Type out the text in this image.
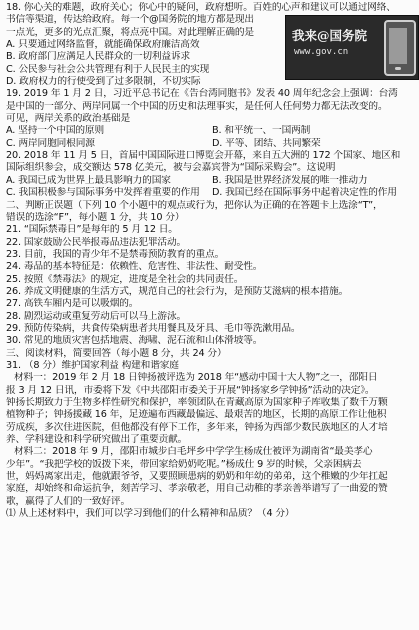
18. 你心关的难题，政府关心；你心中的疑问，政府想听。百姓的心声和建议可以通过网络、
书信等渠道，传达给政府。每一个@国务院的地方都是现出
一点光，更多的光点汇聚，将点亮中国。对此理解正确的是
A. 只要通过网络监督，就能确保政府廉洁高效
B. 政府部门应满足人民群众的一切利益诉求
C. 公民参与社会公共管理有利于人民民主的实现
D. 政府权力的行使受到了过多限制，不切实际
我来@国务院
www.gov.cn
19. 2019 年 1 月 2 日，习近平总书记在《告台湾同胞书》发表 40 周年纪念会上强调：台湾
是中国的一部分、两岸同属一个中国的历史和法理事实，是任何人任何势力都无法改变的。
可见，两岸关系的政治基础是
A. 坚持一个中国的原则	B. 和平统一、一国两制
C. 两岸同胞同根同源	D. 平等、团结、共同繁荣
20. 2018 年 11 月 5 日，首届中国国际进口博览会开幕，来自五大洲的 172 个国家、地区和
国际组织参会，成交额达 578 亿美元，被与会嘉宾誉为“国际采购会”。这说明
A. 我国已成为世界上最具影响力的国家	B. 我国是世界经济发展的唯一推动力
C. 我国积极参与国际事务中发挥着重要的作用	D. 我国已经在国际事务中起着决定性的作用
二、判断正误题（下列 10 个小题中的观点或行为，把你认为正确的在答题卡上选涂“T”，
错误的选涂“F”，每小题 1 分，共 10 分）
21. “国际禁毒日”是每年的 5 月 12 日。
22. 国家鼓励公民举报毒品违法犯罪活动。
23. 目前，我国的青少年不是禁毒预防教育的重点。
24. 毒品的基本特征是：依赖性、危害性、非法性、耐受性。
25. 按照《禁毒法》的规定，进度是全社会的共同责任。
26. 养成文明健康的生活方式，规范自己的社会行为，是预防艾滋病的根本措施。
27. 高铁车厢内是可以吸烟的。
28. 剧烈运动或重复劳动后可以马上游泳。
29. 预防传染病，共食传染病患者共用餐具及牙具、毛巾等洗漱用品。
30. 常见的地质灾害包括地震、海啸、泥石流和山体滑坡等。
三、阅读材料，简要回答（每小题 8 分，共 24 分）
31. （8 分）维护国家利益 构建和谐家庭
材料一：2019 年 2 月 18 日钟扬被评选为 2018 年“感动中国十大人物”之一，邵阳日
报 3 月 12 日讯，市委将下发《中共邵阳市委关于开展“钟扬家乡学钟扬”活动的决定》。
钟扬长期致力于生物多样性研究和保护，率领团队在青藏高原为国家种子库收集了数千万颗
植物种子；钟扬援藏 16 年，足迹遍布西藏最偏远、最艰苦的地区，长期的高原工作让他积
劳成疾，多次住进医院，但他都没有停下工作，多年来，钟扬为西部少数民族地区的人才培
养、学科建设和科学研究做出了重要贡献。
材料二：2018 年 9 月，邵阳市城步白毛坪乡中学学生杨成仕被评为湖南省“最美孝心
少年”。“我把学校的饭拨下来，带回家给奶奶吃呢。”杨成仕 9 岁的时候，父亲困病去
世，妈妈离家出走，他就跟爷爷，又要照顾患病的奶奶和年幼的弟弟，这个稚嫩的少年扛起
家庭，却始终和命运抗争，刻苦学习、孝亲敬老，用自己动稚的孝亲善举谱写了一曲爱的赞
歌，赢得了人们的一致好评。
⑴ 从上述材料中，我们可以学习到他们的什么精神和品质？（4 分）
